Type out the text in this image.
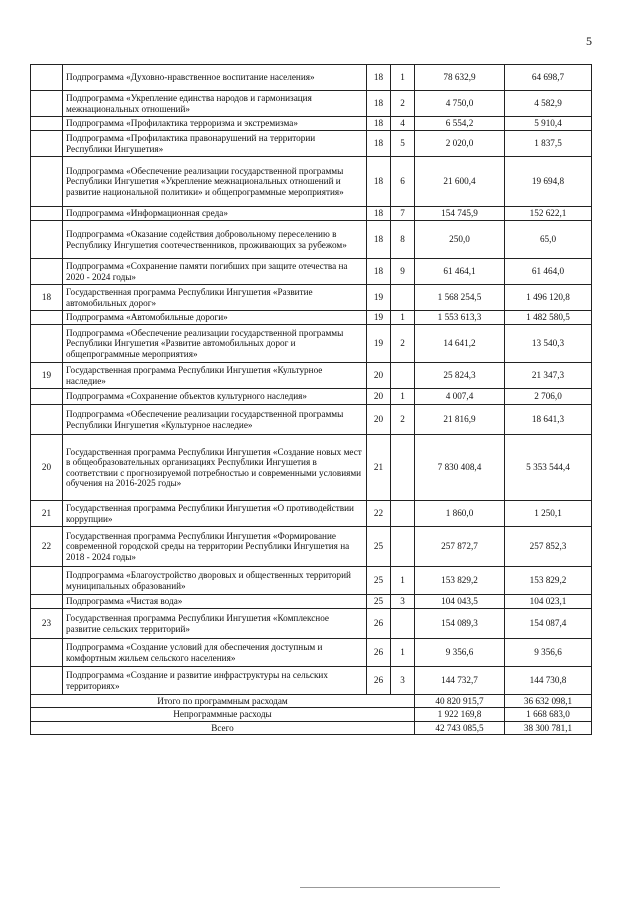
5
	Подпрограмма «Духовно-нравственное воспитание населения»	18	1	78 632,9	64 698,7
	Подпрограмма «Укрепление единства народов и гармонизация межнациональных отношений»	18	2	4 750,0	4 582,9
	Подпрограмма «Профилактика терроризма и экстремизма»	18	4	6 554,2	5 910,4
	Подпрограмма «Профилактика правонарушений на территории Республики Ингушетия»	18	5	2 020,0	1 837,5
	Подпрограмма «Обеспечение реализации государственной программы Республики Ингушетия «Укрепление межнациональных отношений и развитие национальной политики» и общепрограммные мероприятия»	18	6	21 600,4	19 694,8
	Подпрограмма «Информационная среда»	18	7	154 745,9	152 622,1
	Подпрограмма «Оказание содействия добровольному переселению в Республику Ингушетия соотечественников, проживающих за рубежом»	18	8	250,0	65,0
	Подпрограмма «Сохранение памяти погибших при защите отечества на 2020 - 2024 годы»	18	9	61 464,1	61 464,0
18	Государственная программа Республики Ингушетия «Развитие автомобильных дорог»	19		1 568 254,5	1 496 120,8
	Подпрограмма «Автомобильные дороги»	19	1	1 553 613,3	1 482 580,5
	Подпрограмма «Обеспечение реализации государственной программы Республики Ингушетия «Развитие автомобильных дорог и общепрограммные мероприятия»	19	2	14 641,2	13 540,3
19	Государственная программа Республики Ингушетия «Культурное наследие»	20		25 824,3	21 347,3
	Подпрограмма «Сохранение объектов культурного наследия»	20	1	4 007,4	2 706,0
	Подпрограмма «Обеспечение реализации государственной программы Республики Ингушетия «Культурное наследие»	20	2	21 816,9	18 641,3
20	Государственная программа Республики Ингушетия «Создание новых мест в общеобразовательных организациях Республики Ингушетия в соответствии с прогнозируемой потребностью и современными условиями обучения на 2016-2025 годы»	21		7 830 408,4	5 353 544,4
21	Государственная программа Республики Ингушетия «О противодействии коррупции»	22		1 860,0	1 250,1
22	Государственная программа Республики Ингушетия «Формирование современной городской среды на территории Республики Ингушетия на 2018 - 2024 годы»	25		257 872,7	257 852,3
	Подпрограмма «Благоустройство дворовых и общественных территорий муниципальных образований»	25	1	153 829,2	153 829,2
	Подпрограмма «Чистая вода»	25	3	104 043,5	104 023,1
23	Государственная программа Республики Ингушетия «Комплексное развитие сельских территорий»	26		154 089,3	154 087,4
	Подпрограмма «Создание условий для обеспечения доступным и комфортным жильем сельского населения»	26	1	9 356,6	9 356,6
	Подпрограмма «Создание и развитие инфраструктуры на сельских территориях»	26	3	144 732,7	144 730,8
Итого по программным расходам				40 820 915,7	36 632 098,1
Непрограммные расходы				1 922 169,8	1 668 683,0
Всего				42 743 085,5	38 300 781,1
